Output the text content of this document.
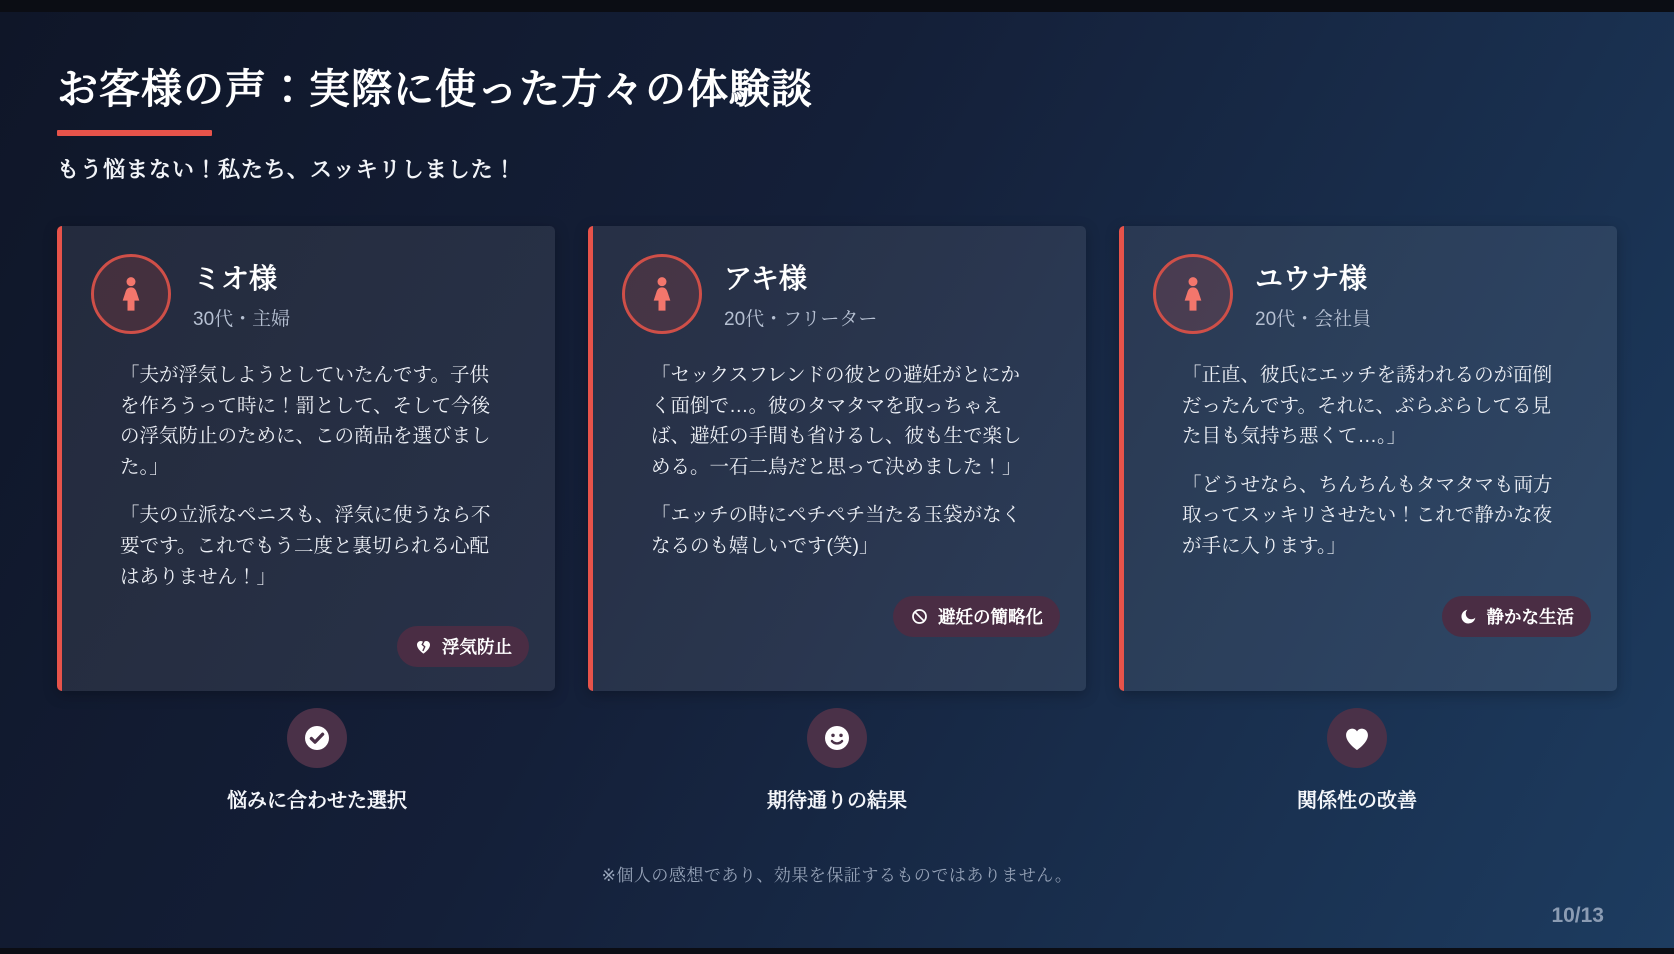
お客様の声：実際に使った方々の体験談

もう悩まない！私たち、スッキリしました！

ミオ様
30代・主婦

「夫が浮気しようとしていたんです。子供を作ろうって時に！罰として、そして今後の浮気防止のために、この商品を選びました。」

「夫の立派なペニスも、浮気に使うなら不要です。これでもう二度と裏切られる心配はありません！」

浮気防止
アキ様
20代・フリーター

「セックスフレンドの彼との避妊がとにかく面倒で…。彼のタマタマを取っちゃえば、避妊の手間も省けるし、彼も生で楽しめる。一石二鳥だと思って決めました！」

「エッチの時にペチペチ当たる玉袋がなくなるのも嬉しいです(笑)」

避妊の簡略化
ユウナ様
20代・会社員

「正直、彼氏にエッチを誘われるのが面倒だったんです。それに、ぶらぶらしてる見た目も気持ち悪くて…。」

「どうせなら、ちんちんもタマタマも両方取ってスッキリさせたい！これで静かな夜が手に入ります。」

静かな生活
悩みに合わせた選択	期待通りの結果	関係性の改善

※個人の感想であり、効果を保証するものではありません。

10/13
